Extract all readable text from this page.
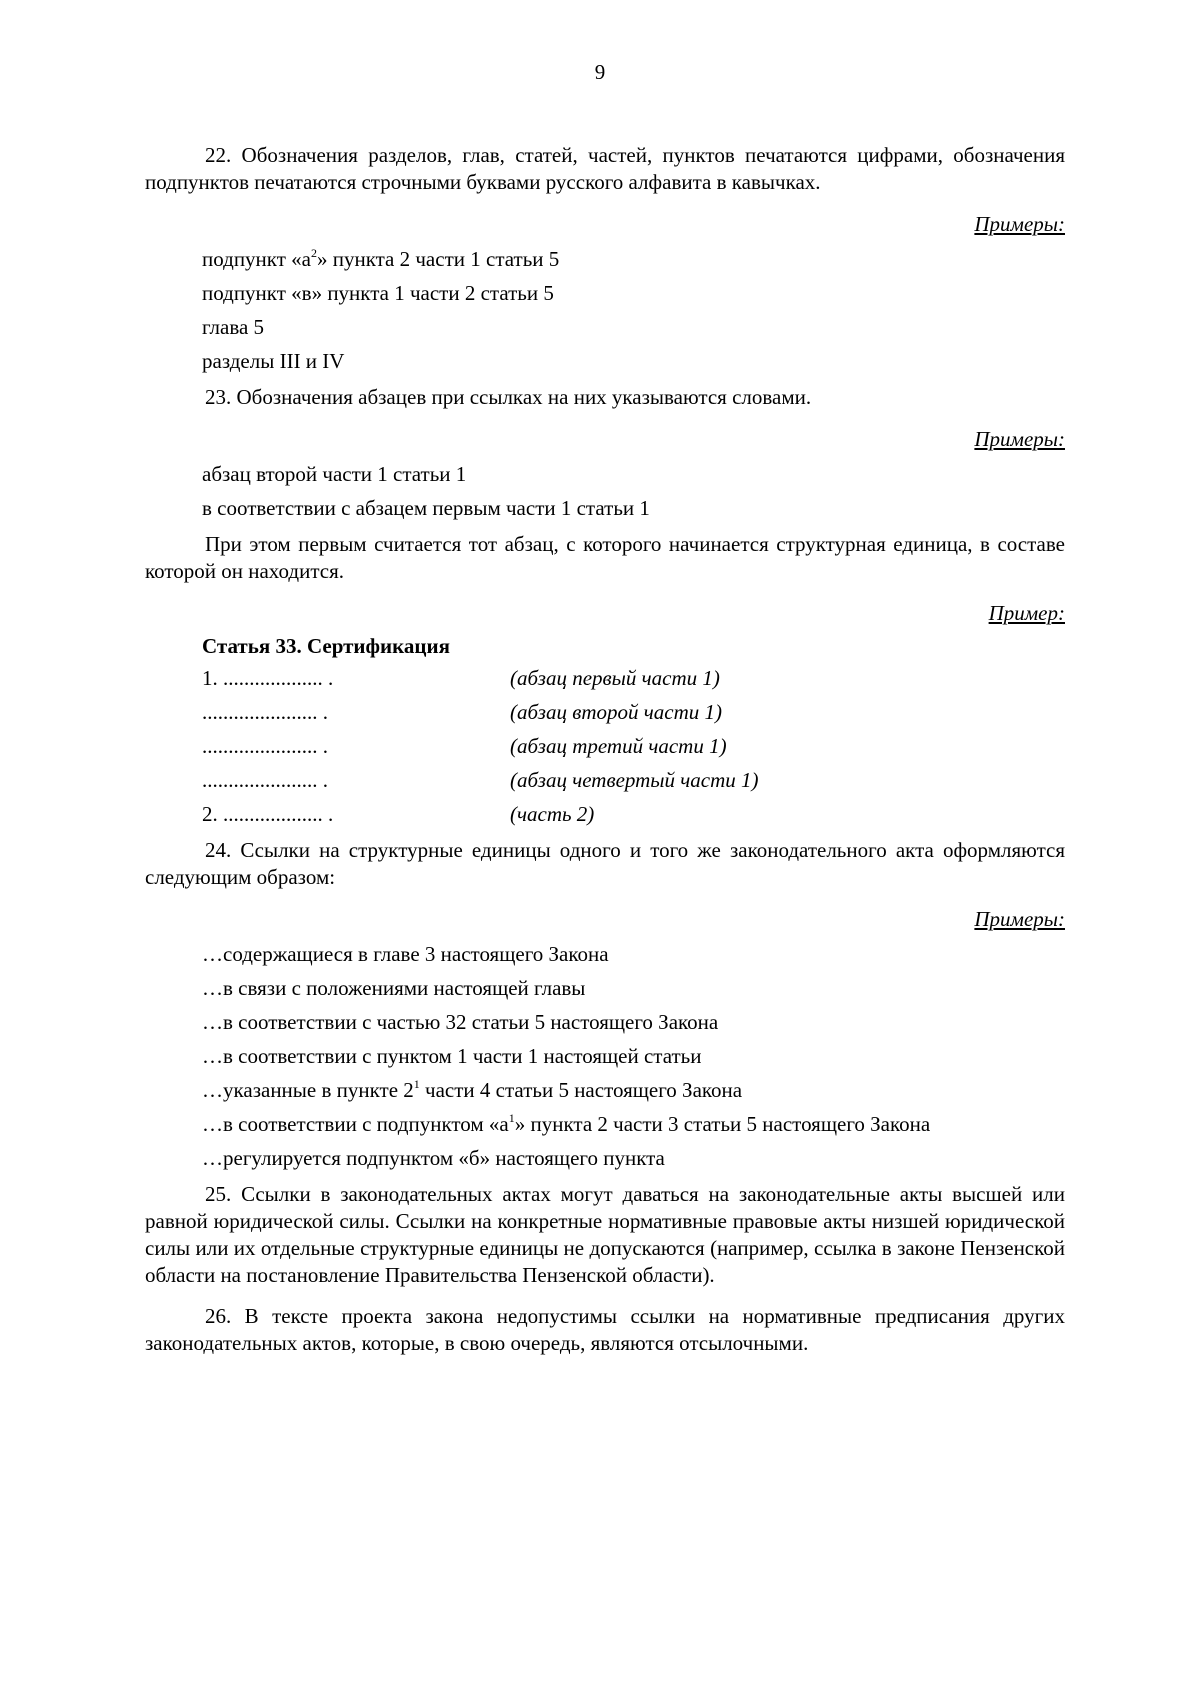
9

22. Обозначения разделов, глав, статей, частей, пунктов печатаются цифрами, обозначения подпунктов печатаются строчными буквами русского алфавита в кавычках.

Примеры:
подпункт «$а^2$» пункта 2 части 1 статьи 5
подпункт «в» пункта 1 части 2 статьи 5
глава 5
разделы III и IV

23. Обозначения абзацев при ссылках на них указываются словами.

Примеры:
абзац второй части 1 статьи 1
в соответствии с абзацем первым части 1 статьи 1

При этом первым считается тот абзац, с которого начинается структурная единица, в составе которой он находится.

Пример:
Статья 33. Сертификация
1. ................... .	(абзац первый части 1)
...................... .	(абзац второй части 1)
...................... .	(абзац третий части 1)
...................... .	(абзац четвертый части 1)
2. ................... .	(часть 2)

24. Ссылки на структурные единицы одного и того же законодательного акта оформляются следующим образом:

Примеры:
…содержащиеся в главе 3 настоящего Закона
…в связи с положениями настоящей главы
…в соответствии с частью 32 статьи 5 настоящего Закона
…в соответствии с пунктом 1 части 1 настоящей статьи
…указанные в пункте $2^1$ части 4 статьи 5 настоящего Закона
…в соответствии с подпунктом «$а^1$» пункта 2 части 3 статьи 5 настоящего Закона
…регулируется подпунктом «б» настоящего пункта

25. Ссылки в законодательных актах могут даваться на законодательные акты высшей или равной юридической силы. Ссылки на конкретные нормативные правовые акты низшей юридической силы или их отдельные структурные единицы не допускаются (например, ссылка в законе Пензенской области на постановление Правительства Пензенской области).

26. В тексте проекта закона недопустимы ссылки на нормативные предписания других законодательных актов, которые, в свою очередь, являются отсылочными.
